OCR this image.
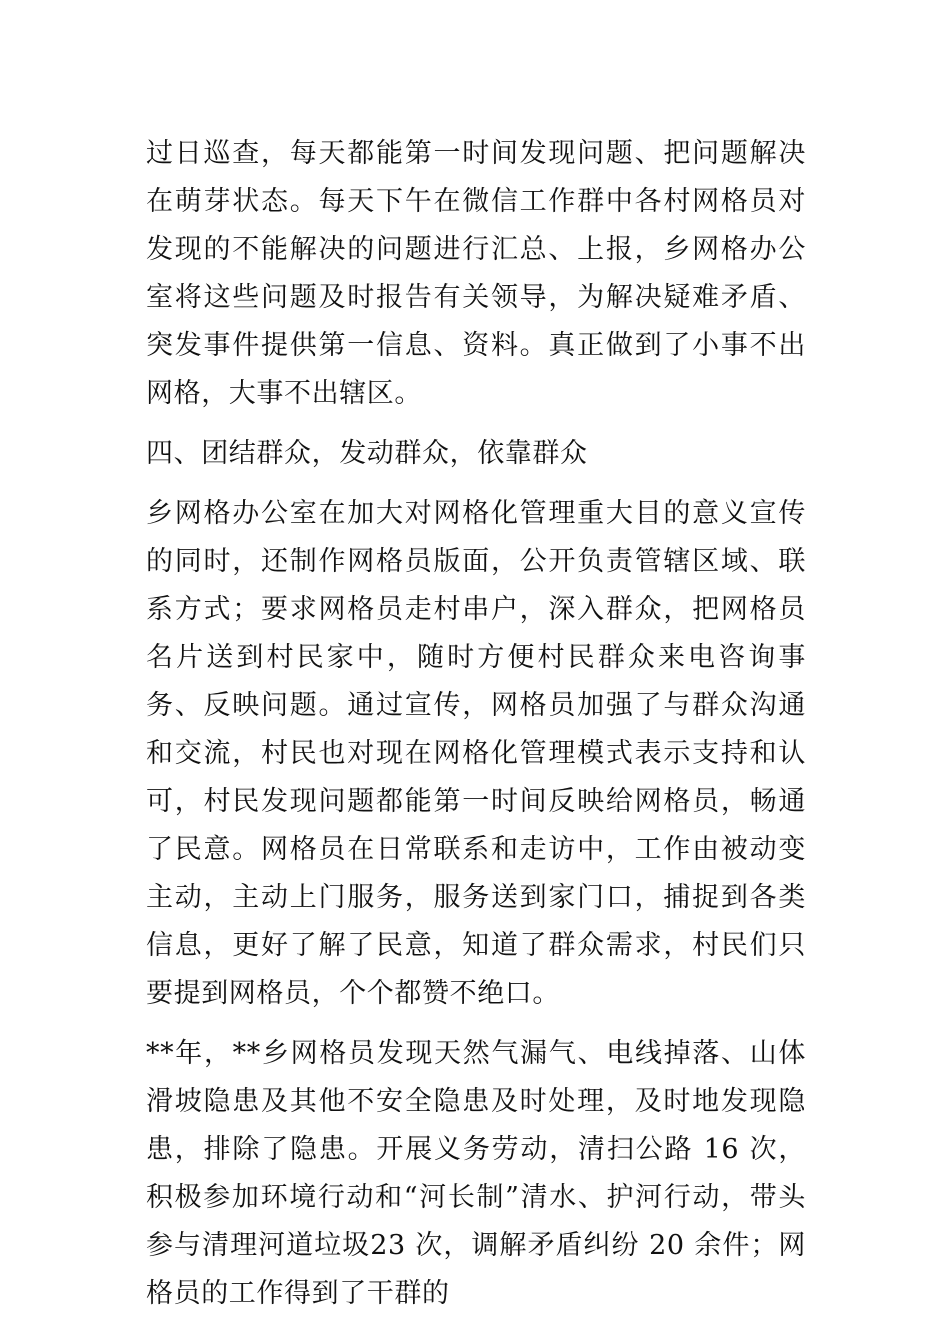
过日巡查，每天都能第一时间发现问题、把问题解决在萌芽状态。每天下午在微信工作群中各村网格员对发现的不能解决的问题进行汇总、上报，乡网格办公室将这些问题及时报告有关领导，为解决疑难矛盾、突发事件提供第一信息、资料。真正做到了小事不出网格，大事不出辖区。

四、团结群众，发动群众，依靠群众

乡网格办公室在加大对网格化管理重大目的意义宣传的同时，还制作网格员版面，公开负责管辖区域、联系方式；要求网格员走村串户，深入群众，把网格员名片送到村民家中，随时方便村民群众来电咨询事务、反映问题。通过宣传，网格员加强了与群众沟通和交流，村民也对现在网格化管理模式表示支持和认可，村民发现问题都能第一时间反映给网格员，畅通了民意。网格员在日常联系和走访中，工作由被动变主动，主动上门服务，服务送到家门口，捕捉到各类信息，更好了解了民意，知道了群众需求，村民们只要提到网格员，个个都赞不绝口。

**年，**乡网格员发现天然气漏气、电线掉落、山体滑坡隐患及其他不安全隐患及时处理，及时地发现隐患，排除了隐患。开展义务劳动，清扫公路 16 次，积极参加环境行动和“河长制”清水、护河行动，带头参与清理河道垃圾23 次，调解矛盾纠纷 20 余件；网格员的工作得到了干群的
